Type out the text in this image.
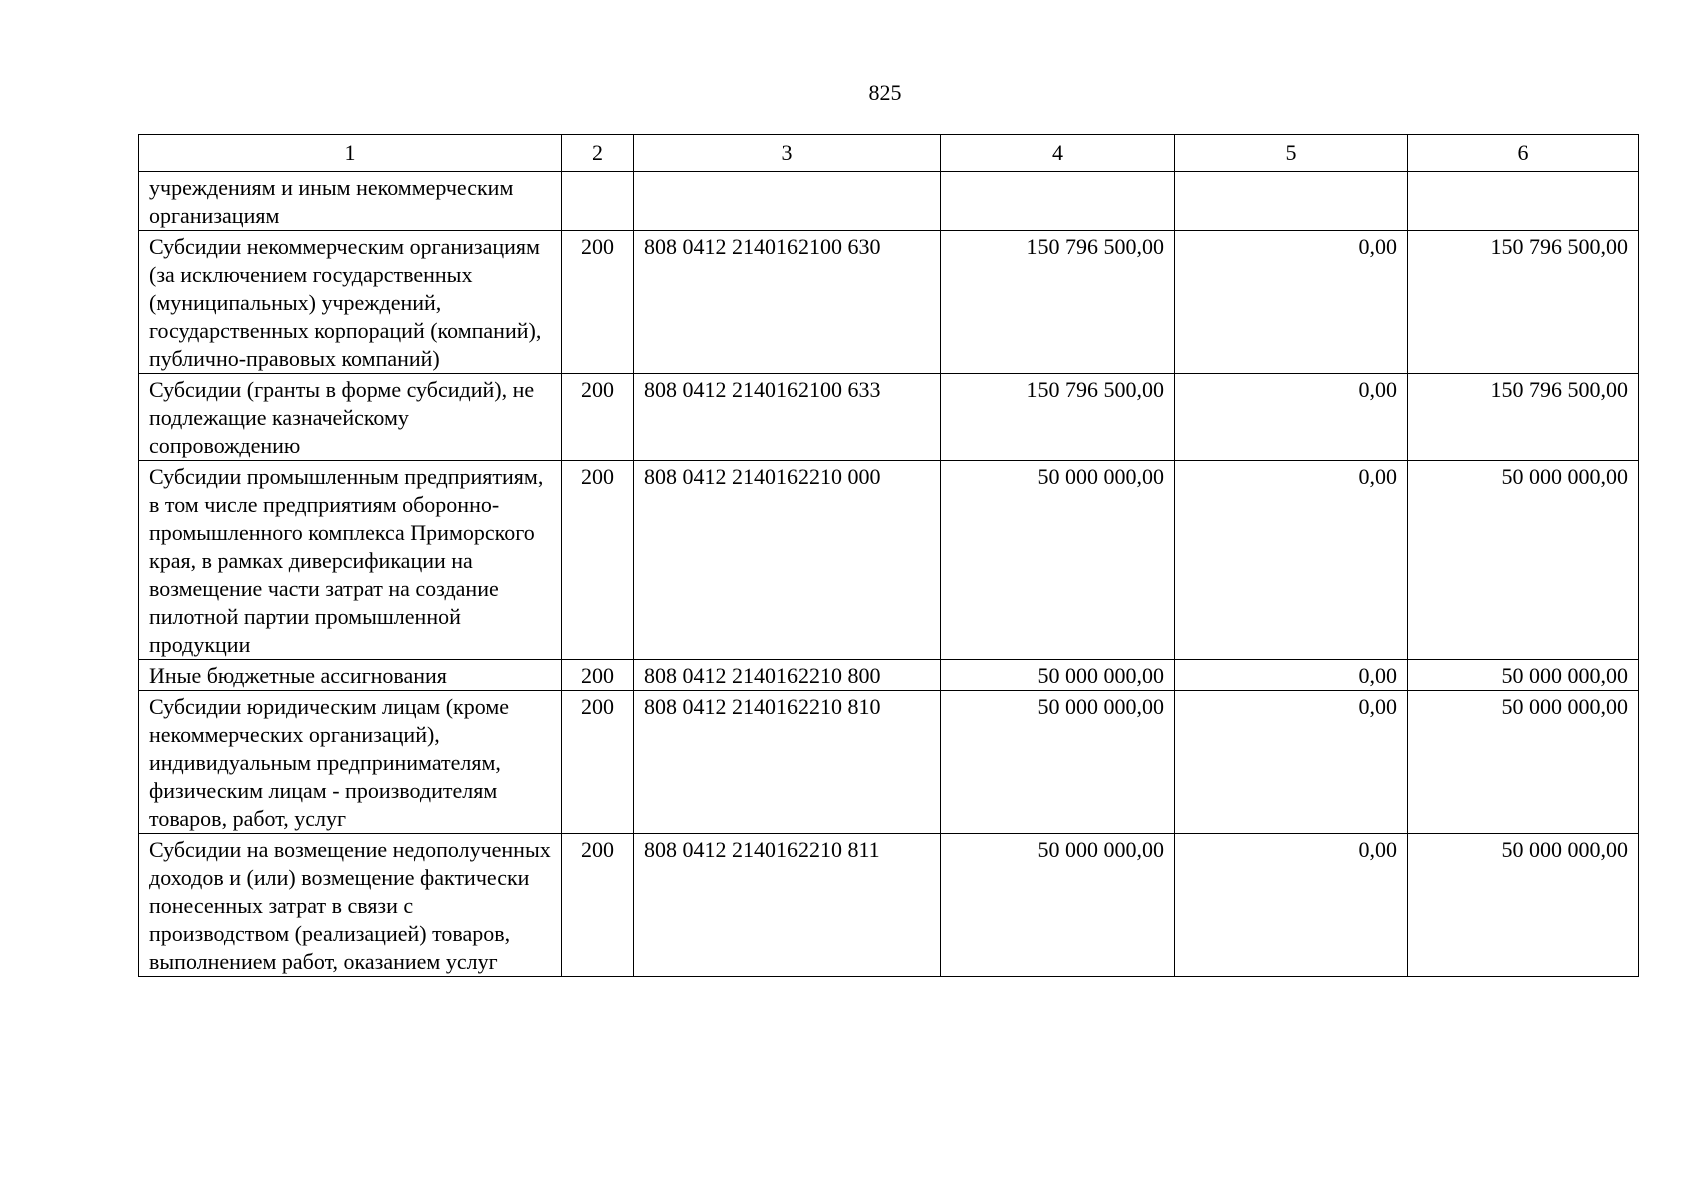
825
1	2	3	4	5	6
учреждениям и иным некоммерческим организациям					
Субсидии некоммерческим организациям (за исключением государственных (муниципальных) учреждений, государственных корпораций (компаний), публично-правовых компаний)	200	808 0412 2140162100 630	150 796 500,00	0,00	150 796 500,00
Субсидии (гранты в форме субсидий), не подлежащие казначейскому сопровождению	200	808 0412 2140162100 633	150 796 500,00	0,00	150 796 500,00
Субсидии промышленным предприятиям, в том числе предприятиям оборонно-промышленного комплекса Приморского края, в рамках диверсификации на возмещение части затрат на создание пилотной партии промышленной продукции	200	808 0412 2140162210 000	50 000 000,00	0,00	50 000 000,00
Иные бюджетные ассигнования	200	808 0412 2140162210 800	50 000 000,00	0,00	50 000 000,00
Субсидии юридическим лицам (кроме некоммерческих организаций), индивидуальным предпринимателям, физическим лицам - производителям товаров, работ, услуг	200	808 0412 2140162210 810	50 000 000,00	0,00	50 000 000,00
Субсидии на возмещение недополученных доходов и (или) возмещение фактически понесенных затрат в связи с производством (реализацией) товаров, выполнением работ, оказанием услуг	200	808 0412 2140162210 811	50 000 000,00	0,00	50 000 000,00
